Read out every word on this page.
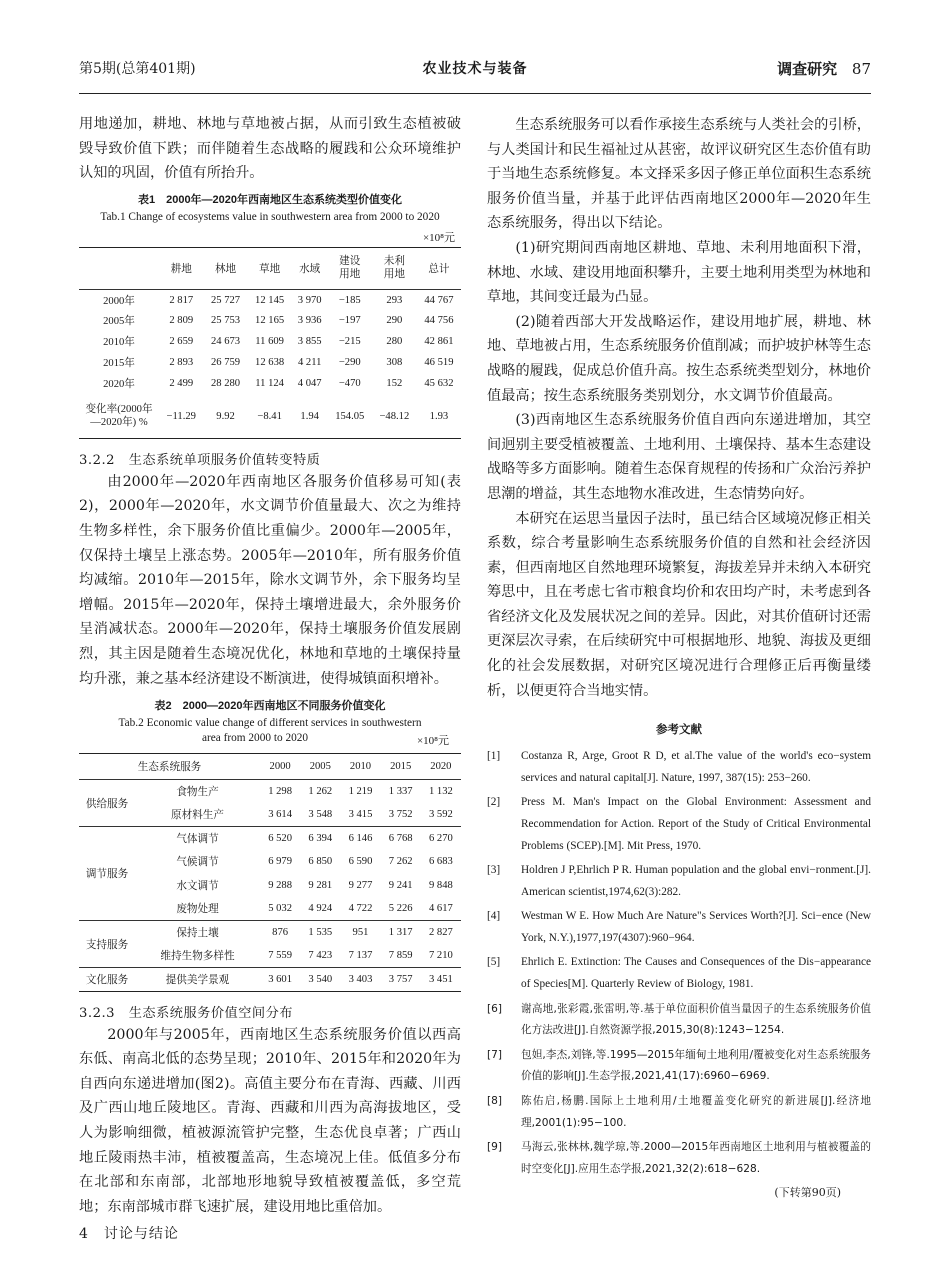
第5期(总第401期)	农业技术与装备	调查研究 87

用地递加，耕地、林地与草地被占据，从而引致生态植被破毁导致价值下跌；而伴随着生态战略的履践和公众环境维护认知的巩固，价值有所抬升。

表1　2000年—2020年西南地区生态系统类型价值变化
Tab.1 Change of ecosystems value in southwestern area from 2000 to 2020
×10⁸元
	耕地	林地	草地	水域	建设用地	未利用地	总计
2000年	2 817	25 727	12 145	3 970	−185	293	44 767
2005年	2 809	25 753	12 165	3 936	−197	290	44 756
2010年	2 659	24 673	11 609	3 855	−215	280	42 861
2015年	2 893	26 759	12 638	4 211	−290	308	46 519
2020年	2 499	28 280	11 124	4 047	−470	152	45 632
变化率(2000年—2020年) %	−11.29	9.92	−8.41	1.94	154.05	−48.12	1.93
3.2.2　生态系统单项服务价值转变特质

由2000年—2020年西南地区各服务价值移易可知(表2)，2000年—2020年，水文调节价值量最大、次之为维持生物多样性，余下服务价值比重偏少。2000年—2005年，仅保持土壤呈上涨态势。2005年—2010年，所有服务价值均减缩。2010年—2015年，除水文调节外，余下服务均呈增幅。2015年—2020年，保持土壤增进最大，余外服务价呈消减状态。2000年—2020年，保持土壤服务价值发展剧烈，其主因是随着生态境况优化，林地和草地的土壤保持量均升涨，兼之基本经济建设不断演进，使得城镇面积增补。

表2　2000—2020年西南地区不同服务价值变化
Tab.2 Economic value change of different services in southwestern
area from 2000 to 2020	×10⁸元
生态系统服务		2000	2005	2010	2015	2020
供给服务	食物生产	1 298	1 262	1 219	1 337	1 132
	原材料生产	3 614	3 548	3 415	3 752	3 592
调节服务	气体调节	6 520	6 394	6 146	6 768	6 270
	气候调节	6 979	6 850	6 590	7 262	6 683
	水文调节	9 288	9 281	9 277	9 241	9 848
	废物处理	5 032	4 924	4 722	5 226	4 617
支持服务	保持土壤	876	1 535	951	1 317	2 827
	维持生物多样性	7 559	7 423	7 137	7 859	7 210
文化服务	提供美学景观	3 601	3 540	3 403	3 757	3 451
3.2.3　生态系统服务价值空间分布

2000年与2005年，西南地区生态系统服务价值以西高东低、南高北低的态势呈现；2010年、2015年和2020年为自西向东递进增加(图2)。高值主要分布在青海、西藏、川西及广西山地丘陵地区。青海、西藏和川西为高海拔地区，受人为影响细微，植被源流管护完整，生态优良卓著；广西山地丘陵雨热丰沛，植被覆盖高，生态境况上佳。低值多分布在北部和东南部，北部地形地貌导致植被覆盖低，多空荒地；东南部城市群飞速扩展，建设用地比重倍加。

4　讨论与结论

生态系统服务可以看作承接生态系统与人类社会的引桥，与人类国计和民生福祉过从甚密，故评议研究区生态价值有助于当地生态系统修复。本文择采多因子修正单位面积生态系统服务价值当量，并基于此评估西南地区2000年—2020年生态系统服务，得出以下结论。

(1)研究期间西南地区耕地、草地、未利用地面积下滑，林地、水域、建设用地面积攀升，主要土地利用类型为林地和草地，其间变迁最为凸显。

(2)随着西部大开发战略运作，建设用地扩展，耕地、林地、草地被占用，生态系统服务价值削减；而护坡护林等生态战略的履践，促成总价值升高。按生态系统类型划分，林地价值最高；按生态系统服务类别划分，水文调节价值最高。

(3)西南地区生态系统服务价值自西向东递进增加，其空间迥别主要受植被覆盖、土地利用、土壤保持、基本生态建设战略等多方面影响。随着生态保育规程的传扬和广众治污养护思潮的增益，其生态地物水准改进，生态情势向好。

本研究在运思当量因子法时，虽已结合区域境况修正相关系数，综合考量影响生态系统服务价值的自然和社会经济因素，但西南地区自然地理环境繁复，海拔差异并未纳入本研究筹思中，且在考虑七省市粮食均价和农田均产时，未考虑到各省经济文化及发展状况之间的差异。因此，对其价值研讨还需更深层次寻索，在后续研究中可根据地形、地貌、海拔及更细化的社会发展数据，对研究区境况进行合理修正后再衡量缕析，以便更符合当地实情。

参考文献
[1] Costanza R, Arge, Groot R D, et al.The value of the world's eco−system services and natural capital[J]. Nature, 1997, 387(15): 253−260.
[2] Press M. Man's Impact on the Global Environment: Assessment and Recommendation for Action. Report of the Study of Critical Environmental Problems (SCEP).[M]. Mit Press, 1970.
[3] Holdren J P,Ehrlich P R. Human population and the global envi−ronment.[J]. American scientist,1974,62(3):282.
[4] Westman W E. How Much Are Nature"s Services Worth?[J]. Sci−ence (New York, N.Y.),1977,197(4307):960−964.
[5] Ehrlich E. Extinction: The Causes and Consequences of the Dis−appearance of Species[M]. Quarterly Review of Biology, 1981.
[6] 谢高地,张彩霞,张雷明,等.基于单位面积价值当量因子的生态系统服务价值化方法改进[J].自然资源学报,2015,30(8):1243−1254.
[7] 包妲,李杰,刘锋,等.1995—2015年缅甸土地利用/覆被变化对生态系统服务价值的影响[J].生态学报,2021,41(17):6960−6969.
[8] 陈佑启,杨鹏.国际上土地利用/土地覆盖变化研究的新进展[J].经济地理,2001(1):95−100.
[9] 马海云,张林林,魏学琼,等.2000—2015年西南地区土地利用与植被覆盖的时空变化[J].应用生态学报,2021,32(2):618−628.
(下转第90页)
